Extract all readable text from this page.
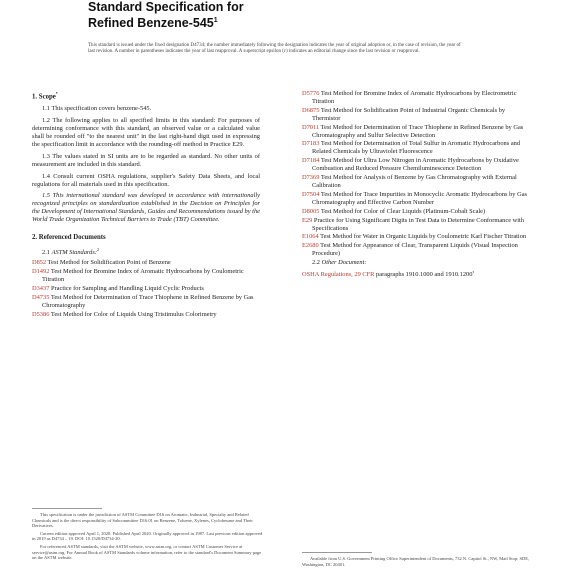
Standard Specification for
Refined Benzene-$545^1$

This standard is issued under the fixed designation D4734; the number immediately following the designation indicates the year of original adoption or, in the case of revision, the year of last revision. A number in parentheses indicates the year of last reapproval. A superscript epsilon (ε) indicates an editorial change since the last revision or reapproval.

1. Scope*

1.1 This specification covers benzene-545.

1.2 The following applies to all specified limits in this standard: For purposes of determining conformance with this standard, an observed value or a calculated value shall be rounded off "to the nearest unit" in the last right-hand digit used in expressing the specification limit in accordance with the rounding-off method in Practice E29.

1.3 The values stated in SI units are to be regarded as standard. No other units of measurement are included in this standard.

1.4 Consult current OSHA regulations, supplier's Safety Data Sheets, and local regulations for all materials used in this specification.

1.5 This international standard was developed in accordance with internationally recognized principles on standardization established in the Decision on Principles for the Development of International Standards, Guides and Recommendations issued by the World Trade Organization Technical Barriers to Trade (TBT) Committee.

2. Referenced Documents

2.1 ASTM Standards:$^2$

D852 Test Method for Solidification Point of Benzene
D1492 Test Method for Bromine Index of Aromatic Hydrocarbons by Coulometric Titration
D3437 Practice for Sampling and Handling Liquid Cyclic Products
D4735 Test Method for Determination of Trace Thiophene in Refined Benzene by Gas Chromatography
D5386 Test Method for Color of Liquids Using Tristimulus Colorimetry
D5776 Test Method for Bromine Index of Aromatic Hydrocarbons by Electrometric Titration
D6875 Test Method for Solidification Point of Industrial Organic Chemicals by Thermistor
D7011 Test Method for Determination of Trace Thiophene in Refined Benzene by Gas Chromatography and Sulfur Selective Detection
D7183 Test Method for Determination of Total Sulfur in Aromatic Hydrocarbons and Related Chemicals by Ultraviolet Fluorescence
D7184 Test Method for Ultra Low Nitrogen in Aromatic Hydrocarbons by Oxidative Combustion and Reduced Pressure Chemiluminescence Detection
D7369 Test Method for Analysis of Benzene by Gas Chromatography with External Calibration
D7504 Test Method for Trace Impurities in Monocyclic Aromatic Hydrocarbons by Gas Chromatography and Effective Carbon Number
D8005 Test Method for Color of Clear Liquids (Platinum-Cobalt Scale)
E29 Practice for Using Significant Digits in Test Data to Determine Conformance with Specifications
E1064 Test Method for Water in Organic Liquids by Coulometric Karl Fischer Titration
E2680 Test Method for Appearance of Clear, Transparent Liquids (Visual Inspection Procedure)

2.2 Other Document:

OSHA Regulations, 29 CFR paragraphs 1910.1000 and 1910.1200$^3$

This specification is under the jurisdiction of ASTM Committee D16 on Aromatic, Industrial, Specialty and Related Chemicals and is the direct responsibility of Subcommittee D16.01 on Benzene, Toluene, Xylenes, Cyclohexane and Their Derivatives.

Current edition approved April 1, 2020. Published April 2020. Originally approved in 1987. Last previous edition approved in 2019 as D4734 – 19. DOI: 10.1520/D4734-20.

For referenced ASTM standards, visit the ASTM website, www.astm.org, or contact ASTM Customer Service at service@astm.org. For Annual Book of ASTM Standards volume information, refer to the standard's Document Summary page on the ASTM website.	Available from U.S. Government Printing Office Superintendent of Documents, 732 N. Capitol St., NW, Mail Stop: SDE, Washington, DC 20401.
